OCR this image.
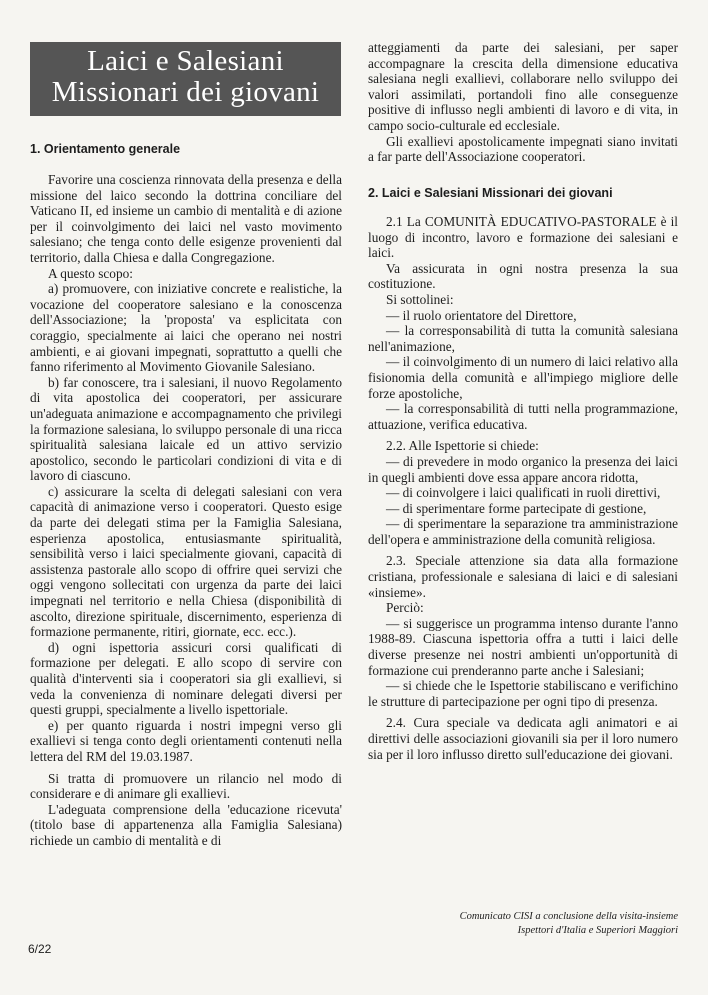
Laici e Salesiani
Missionari dei giovani
1. Orientamento generale

Favorire una coscienza rinnovata della presenza e della missione del laico secondo la dottrina conciliare del Vaticano II, ed insieme un cambio di mentalità e di azione per il coinvolgimento dei laici nel vasto movimento salesiano; che tenga conto delle esigenze provenienti dal territorio, dalla Chiesa e dalla Congregazione.

A questo scopo:

a) promuovere, con iniziative concrete e realistiche, la vocazione del cooperatore salesiano e la conoscenza dell'Associazione; la 'proposta' va esplicitata con coraggio, specialmente ai laici che operano nei nostri ambienti, e ai giovani impegnati, soprattutto a quelli che fanno riferimento al Movimento Giovanile Salesiano.

b) far conoscere, tra i salesiani, il nuovo Regolamento di vita apostolica dei cooperatori, per assicurare un'adeguata animazione e accompagnamento che privilegi la formazione salesiana, lo sviluppo personale di una ricca spiritualità salesiana laicale ed un attivo servizio apostolico, secondo le particolari condizioni di vita e di lavoro di ciascuno.

c) assicurare la scelta di delegati salesiani con vera capacità di animazione verso i cooperatori. Questo esige da parte dei delegati stima per la Famiglia Salesiana, esperienza apostolica, entusiasmante spiritualità, sensibilità verso i laici specialmente giovani, capacità di assistenza pastorale allo scopo di offrire quei servizi che oggi vengono sollecitati con urgenza da parte dei laici impegnati nel territorio e nella Chiesa (disponibilità di ascolto, direzione spirituale, discernimento, esperienza di formazione permanente, ritiri, giornate, ecc. ecc.).

d) ogni ispettoria assicuri corsi qualificati di formazione per delegati. E allo scopo di servire con qualità d'interventi sia i cooperatori sia gli exallievi, si veda la convenienza di nominare delegati diversi per questi gruppi, specialmente a livello ispettoriale.

e) per quanto riguarda i nostri impegni verso gli exallievi si tenga conto degli orientamenti contenuti nella lettera del RM del 19.03.1987.

Si tratta di promuovere un rilancio nel modo di considerare e di animare gli exallievi.

L'adeguata comprensione della 'educazione ricevuta' (titolo base di appartenenza alla Famiglia Salesiana) richiede un cambio di mentalità e di

atteggiamenti da parte dei salesiani, per saper accompagnare la crescita della dimensione educativa salesiana negli exallievi, collaborare nello sviluppo dei valori assimilati, portandoli fino alle conseguenze positive di influsso negli ambienti di lavoro e di vita, in campo socio-culturale ed ecclesiale.

Gli exallievi apostolicamente impegnati siano invitati a far parte dell'Associazione cooperatori.

2. Laici e Salesiani Missionari dei giovani

2.1 La COMUNITÀ EDUCATIVO-PASTORALE è il luogo di incontro, lavoro e formazione dei salesiani e laici.

Va assicurata in ogni nostra presenza la sua costituzione.

Si sottolinei:

— il ruolo orientatore del Direttore,

— la corresponsabilità di tutta la comunità salesiana nell'animazione,

— il coinvolgimento di un numero di laici relativo alla fisionomia della comunità e all'impiego migliore delle forze apostoliche,

— la corresponsabilità di tutti nella programmazione, attuazione, verifica educativa.

2.2. Alle Ispettorie si chiede:

— di prevedere in modo organico la presenza dei laici in quegli ambienti dove essa appare ancora ridotta,

— di coinvolgere i laici qualificati in ruoli direttivi,

— di sperimentare forme partecipate di gestione,

— di sperimentare la separazione tra amministrazione dell'opera e amministrazione della comunità religiosa.

2.3. Speciale attenzione sia data alla formazione cristiana, professionale e salesiana di laici e di salesiani «insieme».

Perciò:

— si suggerisce un programma intenso durante l'anno 1988-89. Ciascuna ispettoria offra a tutti i laici delle diverse presenze nei nostri ambienti un'opportunità di formazione cui prenderanno parte anche i Salesiani;

— si chiede che le Ispettorie stabiliscano e verifichino le strutture di partecipazione per ogni tipo di presenza.

2.4. Cura speciale va dedicata agli animatori e ai direttivi delle associazioni giovanili sia per il loro numero sia per il loro influsso diretto sull'educazione dei giovani.

Comunicato CISI a conclusione della visita-insieme
Ispettori d'Italia e Superiori Maggiori
6/22
